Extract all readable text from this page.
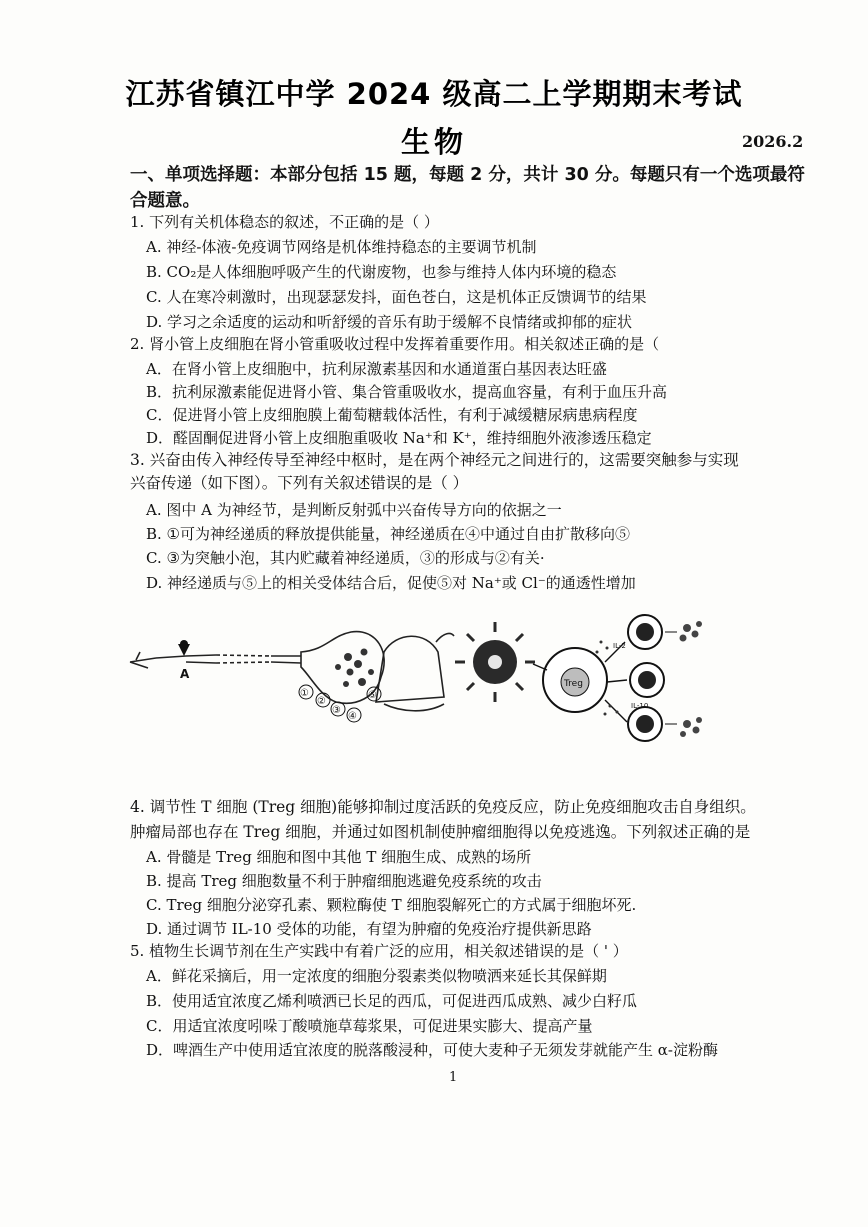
江苏省镇江中学 2024 级高二上学期期末考试
生物	2026.2
一、单项选择题：本部分包括 15 题，每题 2 分，共计 30 分。每题只有一个选项最符合题意。
1. 下列有关机体稳态的叙述，不正确的是（ ）
A. 神经-体液-免疫调节网络是机体维持稳态的主要调节机制
B. CO₂是人体细胞呼吸产生的代谢废物，也参与维持人体内环境的稳态
C. 人在寒冷刺激时，出现瑟瑟发抖，面色苍白，这是机体正反馈调节的结果
D. 学习之余适度的运动和听舒缓的音乐有助于缓解不良情绪或抑郁的症状
2. 肾小管上皮细胞在肾小管重吸收过程中发挥着重要作用。相关叙述正确的是（
A．在肾小管上皮细胞中，抗利尿激素基因和水通道蛋白基因表达旺盛
B．抗利尿激素能促进肾小管、集合管重吸收水，提高血容量，有利于血压升高
C．促进肾小管上皮细胞膜上葡萄糖载体活性，有利于减缓糖尿病患病程度
D．醛固酮促进肾小管上皮细胞重吸收 Na⁺和 K⁺，维持细胞外液渗透压稳定
3. 兴奋由传入神经传导至神经中枢时，是在两个神经元之间进行的，这需要突触参与实现
兴奋传递（如下图）。下列有关叙述错误的是（ ）
A. 图中 A 为神经节，是判断反射弧中兴奋传导方向的依据之一
B. ①可为神经递质的释放提供能量，神经递质在④中通过自由扩散移向⑤
C. ③为突触小泡，其内贮藏着神经递质，③的形成与②有关·
D. 神经递质与⑤上的相关受体结合后，促使⑤对 Na⁺或 Cl⁻的通透性增加
A
①
②
③
④
⑤
Treg
IL-2
IL-10
4. 调节性 T 细胞 (Treg 细胞)能够抑制过度活跃的免疫反应，防止免疫细胞攻击自身组织。
肿瘤局部也存在 Treg 细胞，并通过如图机制使肿瘤细胞得以免疫逃逸。下列叙述正确的是
A. 骨髓是 Treg 细胞和图中其他 T 细胞生成、成熟的场所
B. 提高 Treg 细胞数量不利于肿瘤细胞逃避免疫系统的攻击
C. Treg 细胞分泌穿孔素、颗粒酶使 T 细胞裂解死亡的方式属于细胞坏死.
D. 通过调节 IL-10 受体的功能，有望为肿瘤的免疫治疗提供新思路
5. 植物生长调节剂在生产实践中有着广泛的应用，相关叙述错误的是（ ' ）
A．鲜花采摘后，用一定浓度的细胞分裂素类似物喷洒来延长其保鲜期
B．使用适宜浓度乙烯利喷洒已长足的西瓜，可促进西瓜成熟、减少白籽瓜
C．用适宜浓度吲哚丁酸喷施草莓浆果，可促进果实膨大、提高产量
D．啤酒生产中使用适宜浓度的脱落酸浸种，可使大麦种子无须发芽就能产生 α-淀粉酶
1
